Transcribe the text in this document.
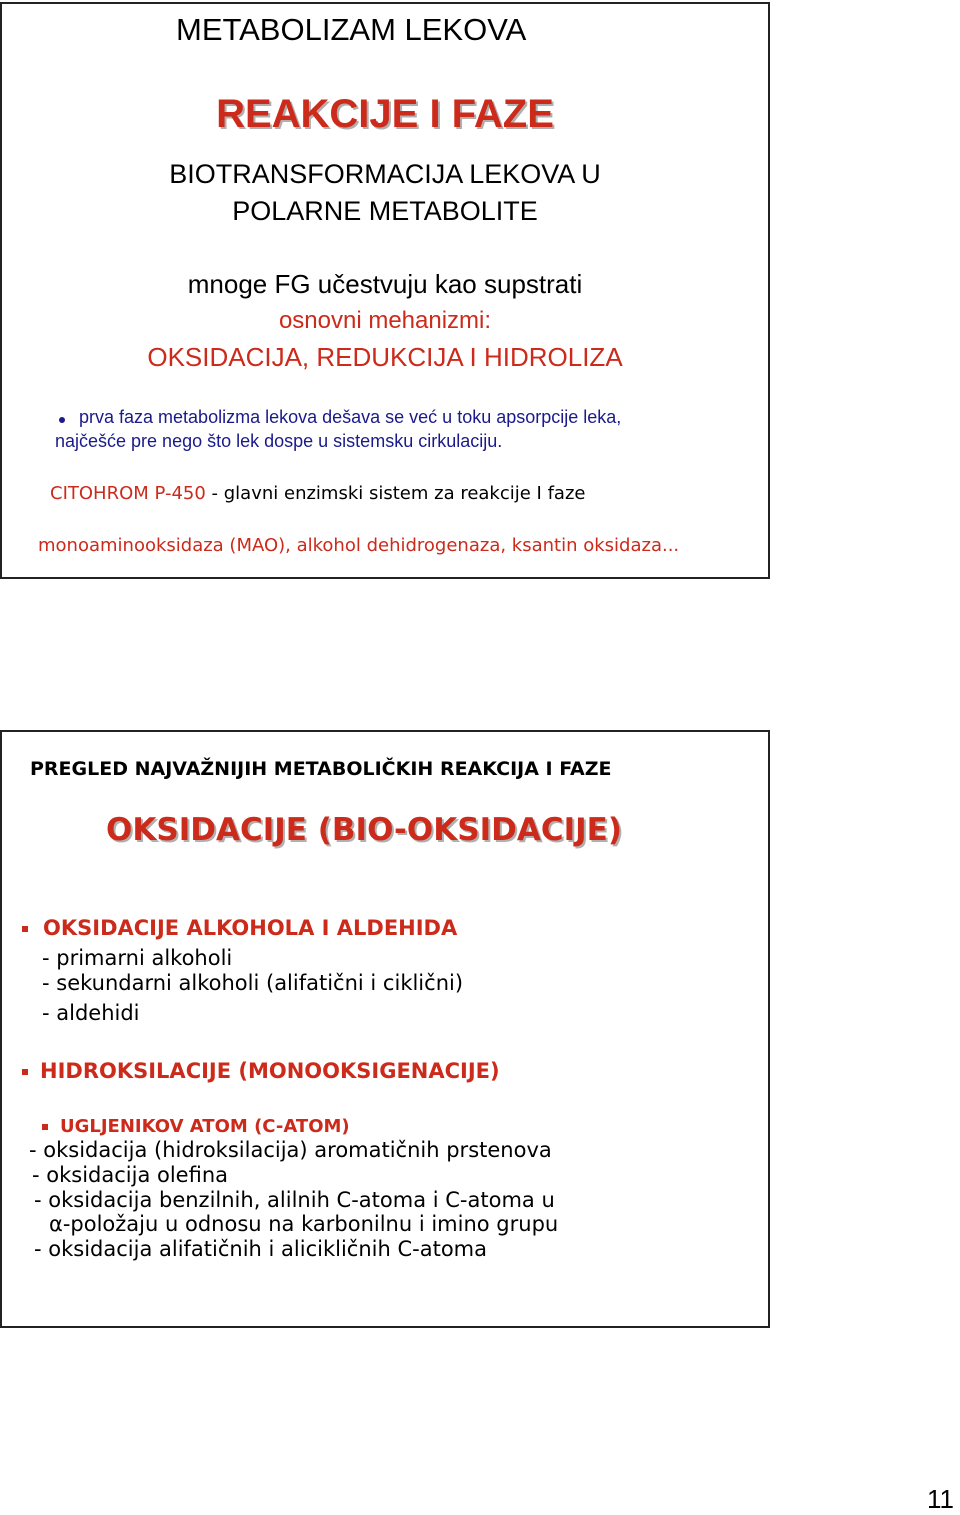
METABOLIZAM LEKOVA
REAKCIJE I FAZE
BIOTRANSFORMACIJA LEKOVA U
POLARNE METABOLITE
mnoge FG učestvuju kao supstrati
osnovni mehanizmi:
OKSIDACIJA, REDUKCIJA I HIDROLIZA
prva faza metabolizma lekova dešava se već u toku apsorpcije leka,
najčešće pre nego što lek dospe u sistemsku cirkulaciju.
CITOHROM P-450 - glavni enzimski sistem za reakcije I faze
monoaminooksidaza (MAO), alkohol dehidrogenaza, ksantin oksidaza...
PREGLED NAJVAŽNIJIH METABOLIČKIH REAKCIJA I FAZE
OKSIDACIJE (BIO-OKSIDACIJE)
OKSIDACIJE ALKOHOLA I ALDEHIDA
- primarni alkoholi
- sekundarni alkoholi (alifatični i ciklični)
- aldehidi
HIDROKSILACIJE (MONOOKSIGENACIJE)
UGLJENIKOV ATOM (C-ATOM)
- oksidacija (hidroksilacija) aromatičnih prstenova
- oksidacija olefina
- oksidacija benzilnih, alilnih C-atoma i C-atoma u
α-položaju u odnosu na karbonilnu i imino grupu
- oksidacija alifatičnih i alicikličnih C-atoma
11
